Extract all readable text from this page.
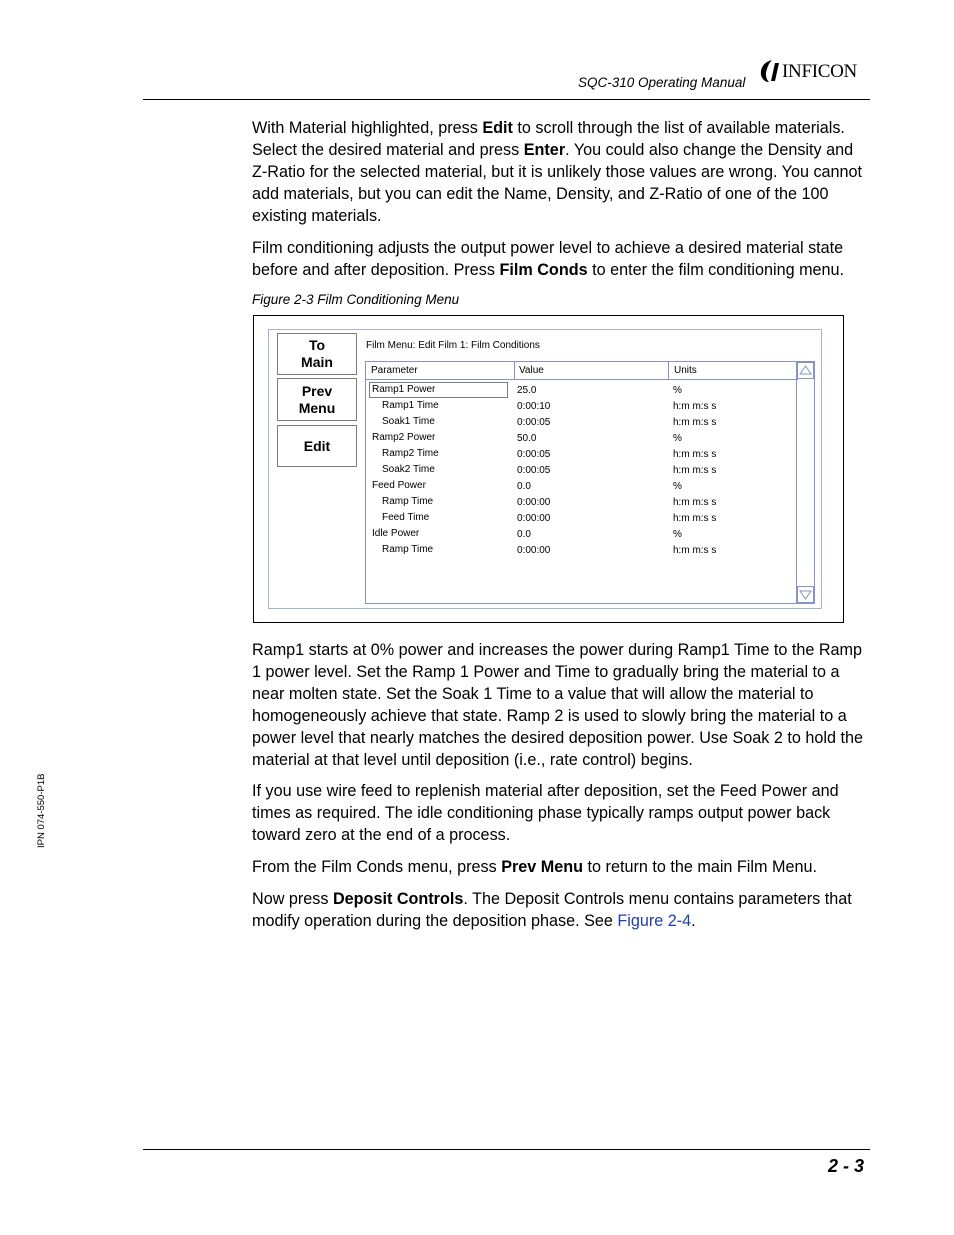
SQC-310 Operating Manual
INFICON

With Material highlighted, press Edit to scroll through the list of available materials. Select the desired material and press Enter. You could also change the Density and Z-Ratio for the selected material, but it is unlikely those values are wrong. You cannot add materials, but you can edit the Name, Density, and Z-Ratio of one of the 100 existing materials.

Film conditioning adjusts the output power level to achieve a desired material state before and after deposition. Press Film Conds to enter the film conditioning menu.

Figure 2-3 Film Conditioning Menu
To
Main
Prev
Menu
Edit
Film Menu: Edit Film 1: Film Conditions
Parameter	Value	Units
Ramp1 Power	25.0	%
Ramp1 Time	0:00:10	h:m m:s s
Soak1 Time	0:00:05	h:m m:s s
Ramp2 Power	50.0	%
Ramp2 Time	0:00:05	h:m m:s s
Soak2 Time	0:00:05	h:m m:s s
Feed Power	0.0	%
Ramp Time	0:00:00	h:m m:s s
Feed Time	0:00:00	h:m m:s s
Idle Power	0.0	%
Ramp Time	0:00:00	h:m m:s s

Ramp1 starts at 0% power and increases the power during Ramp1 Time to the Ramp 1 power level. Set the Ramp 1 Power and Time to gradually bring the material to a near molten state. Set the Soak 1 Time to a value that will allow the material to homogeneously achieve that state. Ramp 2 is used to slowly bring the material to a power level that nearly matches the desired deposition power. Use Soak 2 to hold the material at that level until deposition (i.e., rate control) begins.

If you use wire feed to replenish material after deposition, set the Feed Power and times as required. The idle conditioning phase typically ramps output power back toward zero at the end of a process.

From the Film Conds menu, press Prev Menu to return to the main Film Menu.

Now press Deposit Controls. The Deposit Controls menu contains parameters that modify operation during the deposition phase. See Figure 2-4.

IPN 074-550-P1B
2 - 3
